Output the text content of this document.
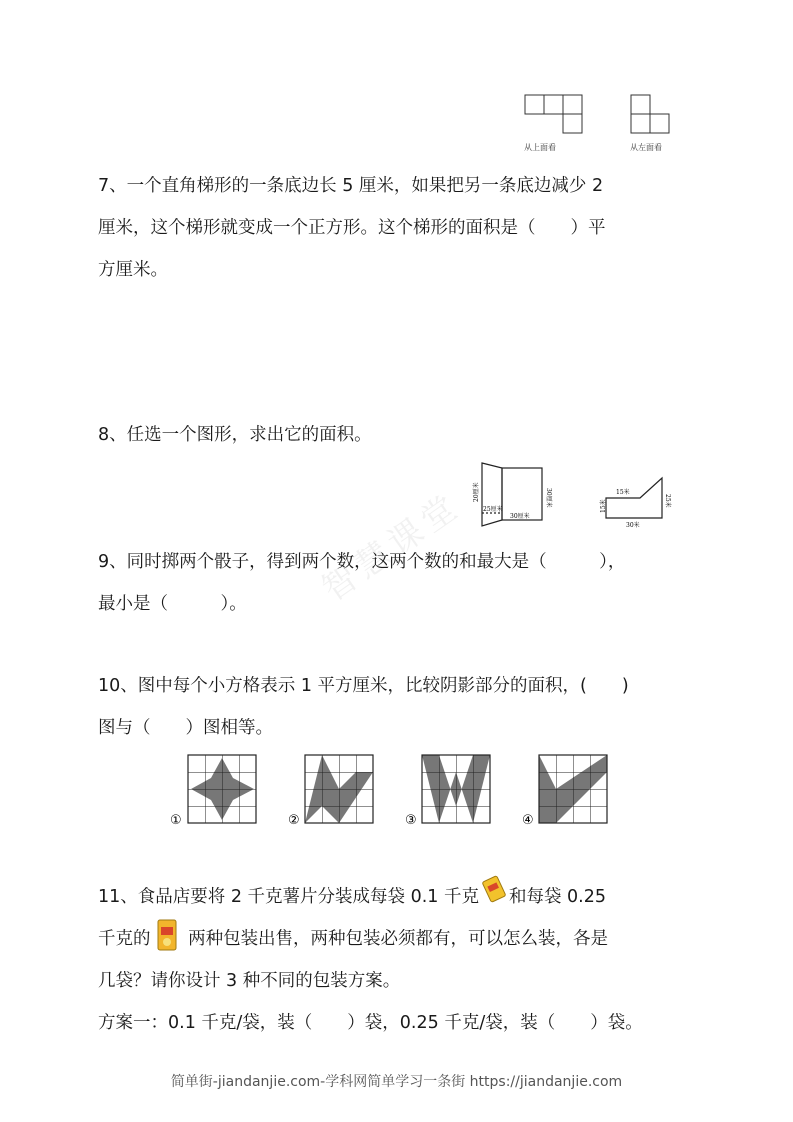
智慧课堂
从上面看	从左面看
7、一个直角梯形的一条底边长 5 厘米，如果把另一条底边减少 2
厘米，这个梯形就变成一个正方形。这个梯形的面积是（　　）平
方厘米。
8、任选一个图形，求出它的面积。
20厘米
25厘米
30厘米
30厘米	15米
15米	25米
30米
9、同时掷两个骰子，得到两个数，这两个数的和最大是（　　　），
最小是（　　　）。
10、图中每个小方格表示 1 平方厘米，比较阴影部分的面积，(　　)
图与（　　）图相等。
①	②	③	④
11、食品店要将 2 千克薯片分装成每袋 0.1 千克 和每袋 0.25
千克的 两种包装出售，两种包装必须都有，可以怎么装，各是
几袋？请你设计 3 种不同的包装方案。
方案一：0.1 千克/袋，装（　　）袋，0.25 千克/袋，装（　　）袋。
简单街-jiandanjie.com-学科网简单学习一条街 https://jiandanjie.com
